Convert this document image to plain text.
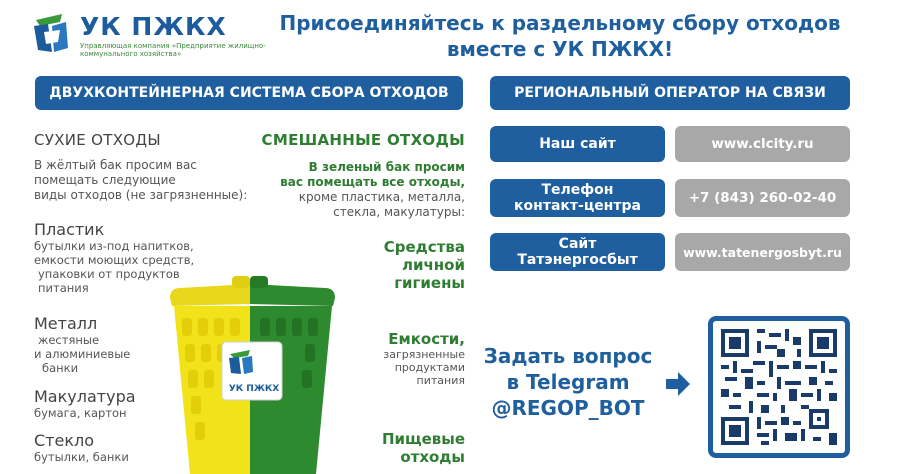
УК ПЖКХ
Управляющая компания «Предприятие жилищно-коммунального хозяйства»
Присоединяйтесь к раздельному сбору отходов
вместе с УК ПЖКХ!
ДВУХКОНТЕЙНЕРНАЯ СИСТЕМА СБОРА ОТХОДОВ	РЕГИОНАЛЬНЫЙ ОПЕРАТОР НА СВЯЗИ
СУХИЕ ОТХОДЫ
В жёлтый бак просим вас
помещать следующие
виды отходов (не загрязненные):
Пластик
бутылки из-под напитков,
емкости моющих средств,
упаковки от продуктов
питания
Металл
жестяные
и алюминиевые
банки
Макулатура
бумага, картон
Стекло
бутылки, банки
СМЕШАННЫЕ ОТХОДЫ
В зеленый бак просим
вас помещать все отходы,
кроме пластика, металла,
стекла, макулатуры:
Средства
личной
гигиены
Емкости,
загрязненные
продуктами
питания
Пищевые
отходы
УК ПЖКХ
Наш сайт	www.clcity.ru
Телефон контакт-центра	+7 (843) 260-02-40
Сайт Татэнергосбыт	www.tatenergosbyt.ru
Задать вопрос
в Telegram
@REGOP_BOT
